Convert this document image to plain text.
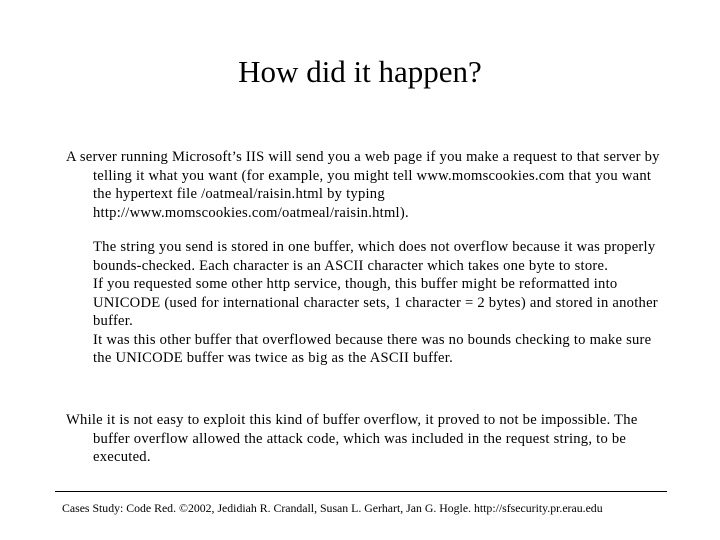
How did it happen?

A server running Microsoft’s IIS will send you a web page if you make a request to that server by telling it what you want (for example, you might tell www.momscookies.com that you want the hypertext file /oatmeal/raisin.html by typing http://www.momscookies.com/oatmeal/raisin.html).

The string you send is stored in one buffer, which does not overflow because it was properly bounds-checked. Each character is an ASCII character which takes one byte to store.

If you requested some other http service, though, this buffer might be reformatted into UNICODE (used for international character sets, 1 character = 2 bytes) and stored in another buffer.

It was this other buffer that overflowed because there was no bounds checking to make sure the UNICODE buffer was twice as big as the ASCII buffer.

While it is not easy to exploit this kind of buffer overflow, it proved to not be impossible. The buffer overflow allowed the attack code, which was included in the request string, to be executed.

Cases Study: Code Red. ©2002, Jedidiah R. Crandall, Susan L. Gerhart, Jan G. Hogle. http://sfsecurity.pr.erau.edu
